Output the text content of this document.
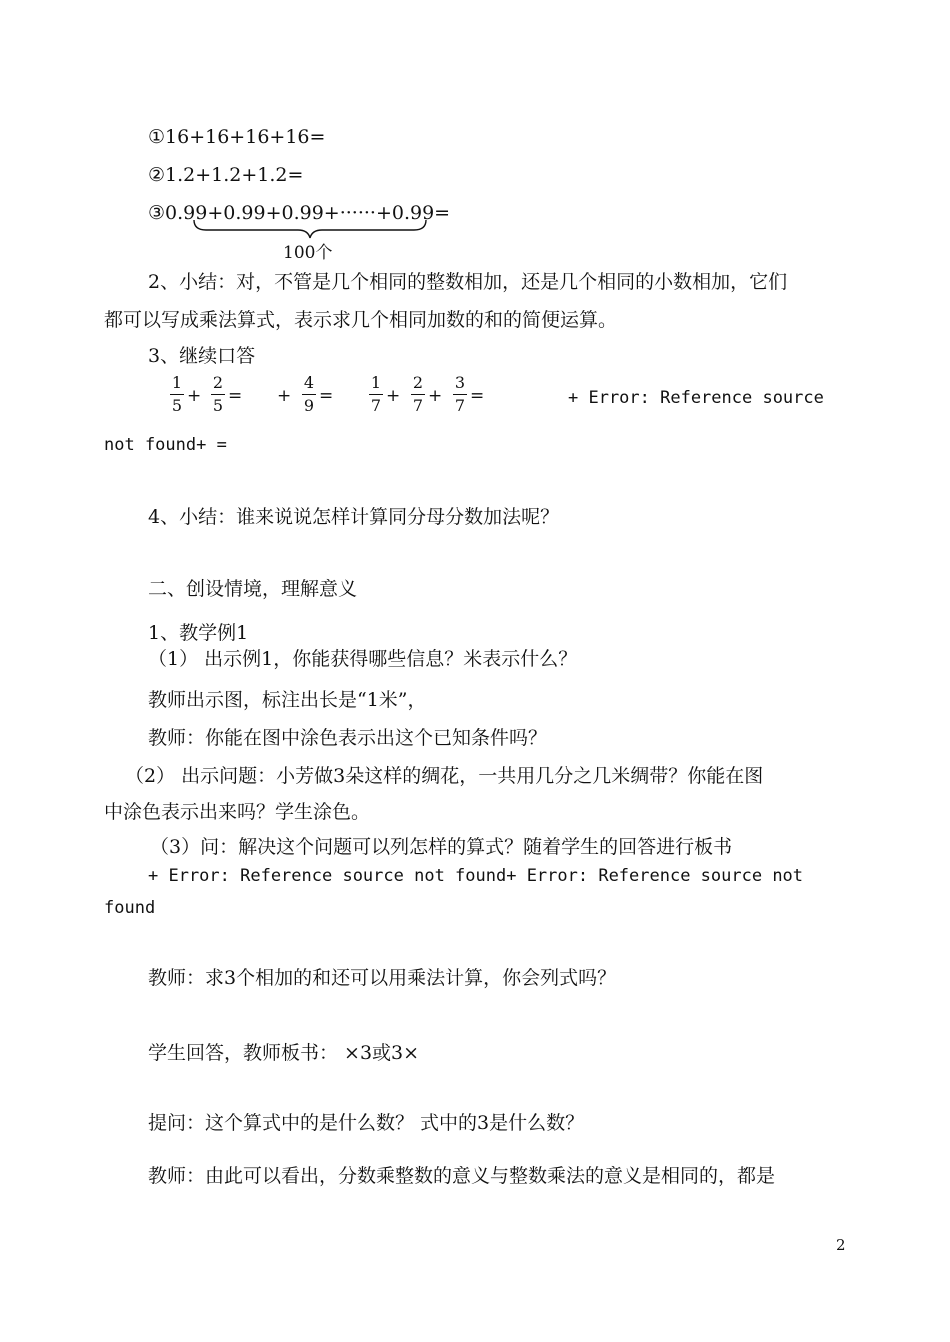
①16+16+16+16=
②1.2+1.2+1.2=
③0.99+0.99+0.99+······+0.99=
100个
2、小结：对，不管是几个相同的整数相加，还是几个相同的小数相加，它们
都可以写成乘法算式，表示求几个相同加数的和的简便运算。
3、继续口答
1
5 +
2
5 = +
4
9 =
1
7 +
2
7 +
3
7 =	+ Error: Reference source
not found+ =
4、小结：谁来说说怎样计算同分母分数加法呢？
二、创设情境，理解意义
1、教学例1
（1） 出示例1，你能获得哪些信息？米表示什么？
教师出示图，标注出长是“1米”，
教师：你能在图中涂色表示出这个已知条件吗？
（2） 出示问题：小芳做3朵这样的绸花，一共用几分之几米绸带？你能在图
中涂色表示出来吗？学生涂色。
（3）问：解决这个问题可以列怎样的算式？随着学生的回答进行板书
+ Error: Reference source not found+ Error: Reference source not
found
教师：求3个相加的和还可以用乘法计算，你会列式吗？
学生回答，教师板书： ×3或3×
提问：这个算式中的是什么数？ 式中的3是什么数？
教师：由此可以看出，分数乘整数的意义与整数乘法的意义是相同的，都是
2
